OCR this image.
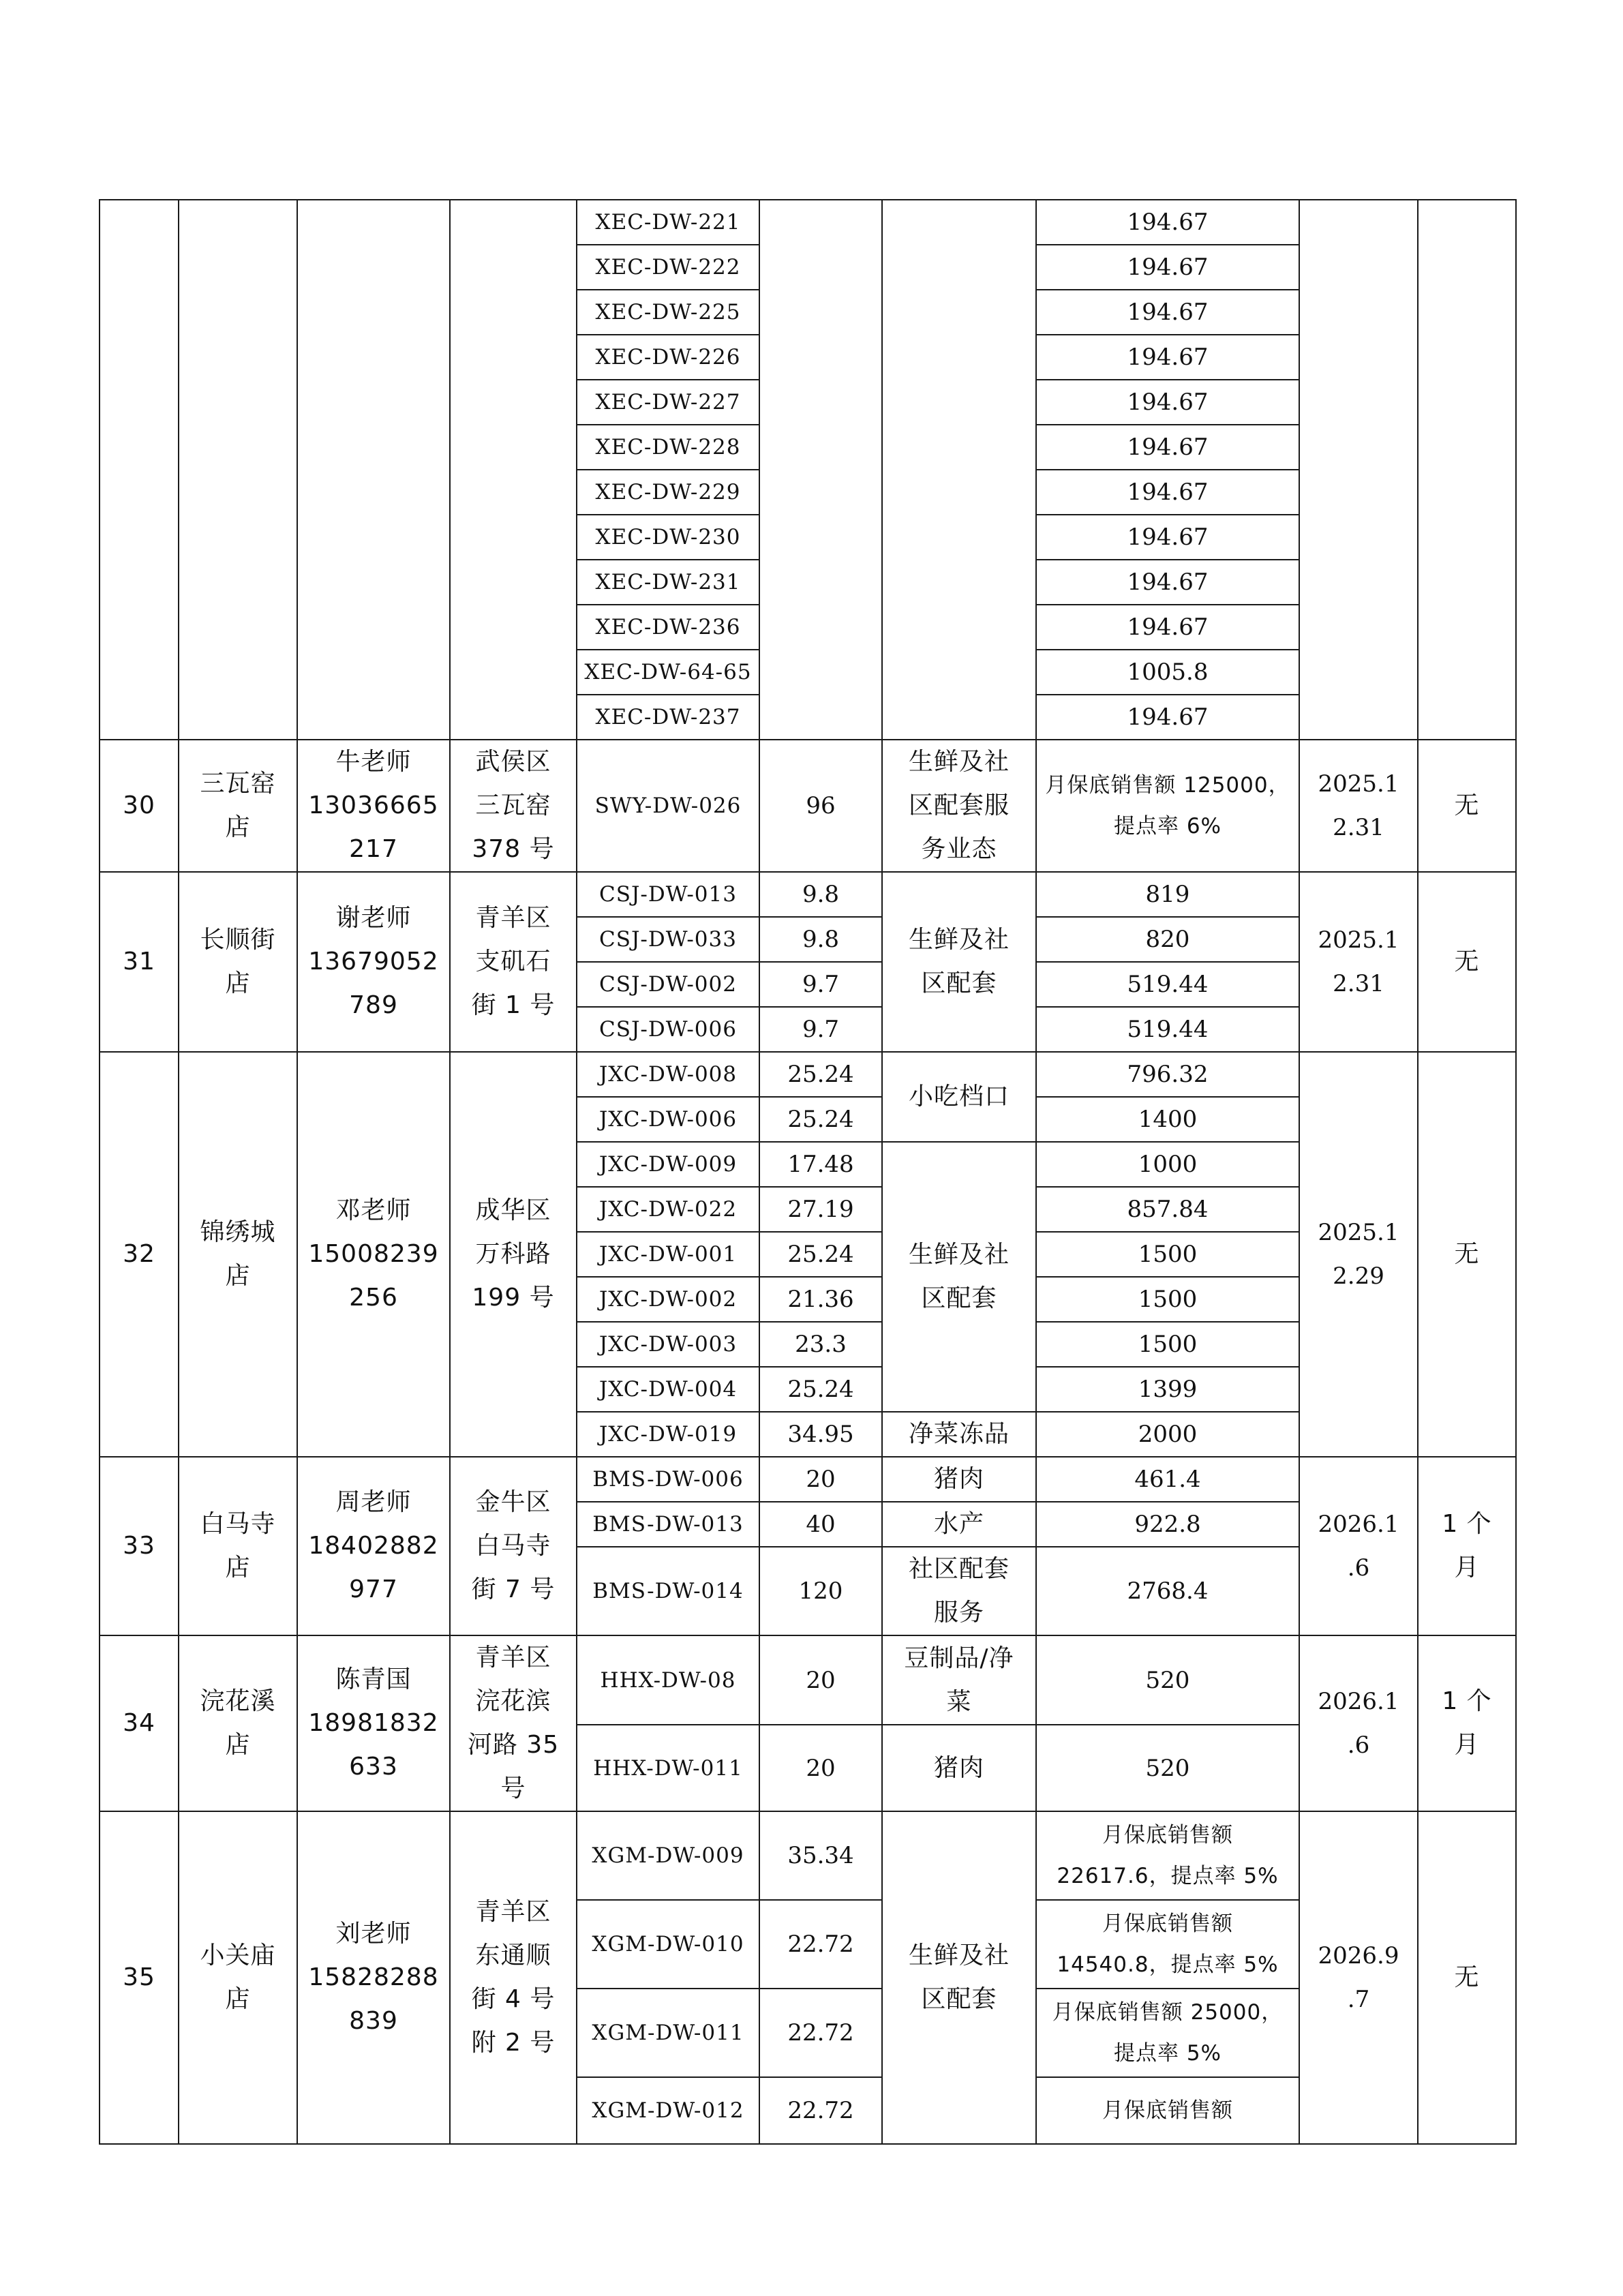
				XEC-DW-221			194.67		
				XEC-DW-222			194.67		
				XEC-DW-225			194.67		
				XEC-DW-226			194.67		
				XEC-DW-227			194.67		
				XEC-DW-228			194.67		
				XEC-DW-229			194.67		
				XEC-DW-230			194.67		
				XEC-DW-231			194.67		
				XEC-DW-236			194.67		
				XEC-DW-64-65			1005.8		
				XEC-DW-237			194.67		
30	三瓦窑
店	牛老师
13036665
217	武侯区
三瓦窑
378 号	SWY-DW-026	96	生鲜及社
区配套服
务业态	月保底销售额 125000，
提点率 6%	2025.1
2.31	无
31	长顺街
店	谢老师
13679052
789	青羊区
支矶石
街 1 号	CSJ-DW-013	9.8	生鲜及社
区配套	819	2025.1
2.31	无
				CSJ-DW-033	9.8		820		
				CSJ-DW-002	9.7		519.44		
				CSJ-DW-006	9.7		519.44		
32	锦绣城
店	邓老师
15008239
256	成华区
万科路
199 号	JXC-DW-008	25.24	小吃档口	796.32	2025.1
2.29	无
				JXC-DW-006	25.24		1400		
				JXC-DW-009	17.48	生鲜及社
区配套	1000		
				JXC-DW-022	27.19		857.84		
				JXC-DW-001	25.24		1500		
				JXC-DW-002	21.36		1500		
				JXC-DW-003	23.3		1500		
				JXC-DW-004	25.24		1399		
				JXC-DW-019	34.95	净菜冻品	2000		
33	白马寺
店	周老师
18402882
977	金牛区
白马寺
街 7 号	BMS-DW-006	20	猪肉	461.4	2026.1
.6	1 个
月
				BMS-DW-013	40	水产	922.8		
				BMS-DW-014	120	社区配套
服务	2768.4		
34	浣花溪
店	陈青国
18981832
633	青羊区
浣花滨
河路 35
号	HHX-DW-08	20	豆制品/净
菜	520	2026.1
.6	1 个
月
				HHX-DW-011	20	猪肉	520		
35	小关庙
店	刘老师
15828288
839	青羊区
东通顺
街 4 号
附 2 号	XGM-DW-009	35.34	生鲜及社
区配套	月保底销售额
22617.6，提点率 5%	2026.9
.7	无
				XGM-DW-010	22.72		月保底销售额
14540.8，提点率 5%		
				XGM-DW-011	22.72		月保底销售额 25000，
提点率 5%		
				XGM-DW-012	22.72		月保底销售额		
